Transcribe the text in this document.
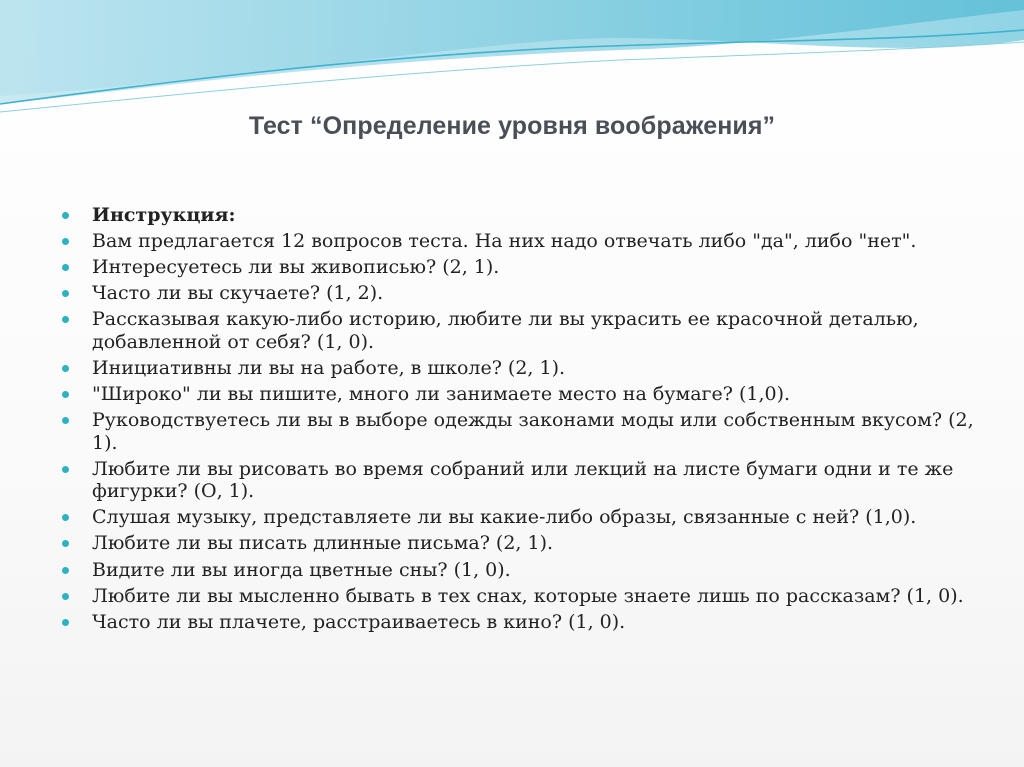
Тест “Определение уровня воображения”
Инструкция:
Вам предлагается 12 вопросов теста. На них надо отвечать либо "да", либо "нет".
Интересуетесь ли вы живописью? (2, 1).
Часто ли вы скучаете? (1, 2).
Рассказывая какую-либо историю, любите ли вы украсить ее красочной деталью, добавленной от себя? (1, 0).
Инициативны ли вы на работе, в школе? (2, 1).
"Широко" ли вы пишите, много ли занимаете место на бумаге? (1,0).
Руководствуетесь ли вы в выборе одежды законами моды или собственным вкусом? (2, 1).
Любите ли вы рисовать во время собраний или лекций на листе бумаги одни и те же фигурки? (О, 1).
Слушая музыку, представляете ли вы какие-либо образы, связанные с ней? (1,0).
Любите ли вы писать длинные письма? (2, 1).
Видите ли вы иногда цветные сны? (1, 0).
Любите ли вы мысленно бывать в тех снах, которые знаете лишь по рассказам? (1, 0).
Часто ли вы плачете, расстраиваетесь в кино? (1, 0).
